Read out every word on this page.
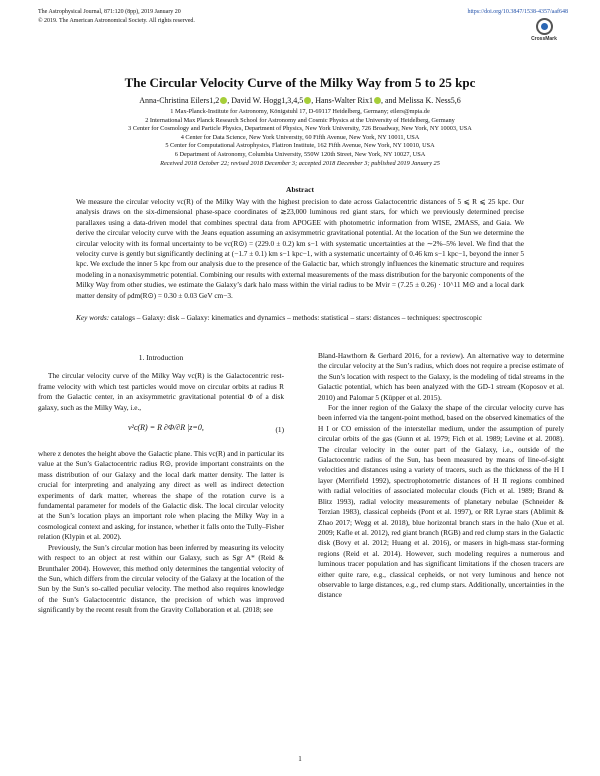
The Astrophysical Journal, 871:120 (8pp), 2019 January 20
© 2019. The American Astronomical Society. All rights reserved.
https://doi.org/10.3847/1538-4357/aaf648
CrossMark
The Circular Velocity Curve of the Milky Way from 5 to 25 kpc
Anna-Christina Eilers1,2 , David W. Hogg1,3,4,5 , Hans-Walter Rix1 , and Melissa K. Ness5,6
1 Max-Planck-Institute for Astronomy, Königstuhl 17, D-69117 Heidelberg, Germany; eilers@mpia.de
2 International Max Planck Research School for Astronomy and Cosmic Physics at the University of Heidelberg, Germany
3 Center for Cosmology and Particle Physics, Department of Physics, New York University, 726 Broadway, New York, NY 10003, USA
4 Center for Data Science, New York University, 60 Fifth Avenue, New York, NY 10011, USA
5 Center for Computational Astrophysics, Flatiron Institute, 162 Fifth Avenue, New York, NY 10010, USA
6 Department of Astronomy, Columbia University, 550W 120th Street, New York, NY 10027, USA
Received 2018 October 22; revised 2018 December 3; accepted 2018 December 3; published 2019 January 25
Abstract
We measure the circular velocity vc(R) of the Milky Way with the highest precision to date across Galactocentric distances of 5 ⩽ R ⩽ 25 kpc. Our analysis draws on the six-dimensional phase-space coordinates of ≳23,000 luminous red giant stars, for which we previously determined precise parallaxes using a data-driven model that combines spectral data from APOGEE with photometric information from WISE, 2MASS, and Gaia. We derive the circular velocity curve with the Jeans equation assuming an axisymmetric gravitational potential. At the location of the Sun we determine the circular velocity with its formal uncertainty to be vc(R⊙) = (229.0 ± 0.2) km s−1 with systematic uncertainties at the ∼2%–5% level. We find that the velocity curve is gently but significantly declining at (−1.7 ± 0.1) km s−1 kpc−1, with a systematic uncertainty of 0.46 km s−1 kpc−1, beyond the inner 5 kpc. We exclude the inner 5 kpc from our analysis due to the presence of the Galactic bar, which strongly influences the kinematic structure and requires modeling in a nonaxisymmetric potential. Combining our results with external measurements of the mass distribution for the baryonic components of the Milky Way from other studies, we estimate the Galaxy’s dark halo mass within the virial radius to be Mvir = (7.25 ± 0.26) · 10^11 M⊙ and a local dark matter density of ρdm(R⊙) = 0.30 ± 0.03 GeV cm−3.
Key words: catalogs – Galaxy: disk – Galaxy: kinematics and dynamics – methods: statistical – stars: distances – techniques: spectroscopic
1. Introduction

The circular velocity curve of the Milky Way vc(R) is the Galactocentric rest-frame velocity with which test particles would move on circular orbits at radius R from the Galactic center, in an axisymmetric gravitational potential Φ of a disk galaxy, such as the Milky Way, i.e.,

v²c(R) = R ∂Φ/∂R |z=0,	(1)

where z denotes the height above the Galactic plane. This vc(R) and in particular its value at the Sun’s Galactocentric radius R⊙, provide important constraints on the mass distribution of our Galaxy and the local dark matter density. The latter is crucial for interpreting and analyzing any direct as well as indirect detection experiments of dark matter, whereas the shape of the rotation curve is a fundamental parameter for models of the Galactic disk. The local circular velocity at the Sun’s location plays an important role when placing the Milky Way in a cosmological context and asking, for instance, whether it falls onto the Tully–Fisher relation (Klypin et al. 2002).

Previously, the Sun’s circular motion has been inferred by measuring its velocity with respect to an object at rest within our Galaxy, such as Sgr A* (Reid & Brunthaler 2004). However, this method only determines the tangential velocity of the Sun, which differs from the circular velocity of the Galaxy at the location of the Sun by the Sun’s so-called peculiar velocity. The method also requires knowledge of the Sun’s Galactocentric distance, the precision of which was improved significantly by the recent result from the Gravity Collaboration et al. (2018; see

Bland-Hawthorn & Gerhard 2016, for a review). An alternative way to determine the circular velocity at the Sun’s radius, which does not require a precise estimate of the Sun’s location with respect to the Galaxy, is the modeling of tidal streams in the Galactic potential, which has been analyzed with the GD-1 stream (Koposov et al. 2010) and Palomar 5 (Küpper et al. 2015).

For the inner region of the Galaxy the shape of the circular velocity curve has been inferred via the tangent-point method, based on the observed kinematics of the H I or CO emission of the interstellar medium, under the assumption of purely circular orbits of the gas (Gunn et al. 1979; Fich et al. 1989; Levine et al. 2008). The circular velocity in the outer part of the Galaxy, i.e., outside of the Galactocentric radius of the Sun, has been measured by means of line-of-sight velocities and distances using a variety of tracers, such as the thickness of the H I layer (Merrifield 1992), spectrophotometric distances of H II regions combined with radial velocities of associated molecular clouds (Fich et al. 1989; Brand & Blitz 1993), radial velocity measurements of planetary nebulae (Schneider & Terzian 1983), classical cepheids (Pont et al. 1997), or RR Lyrae stars (Ablimit & Zhao 2017; Wegg et al. 2018), blue horizontal branch stars in the halo (Xue et al. 2009; Kafle et al. 2012), red giant branch (RGB) and red clump stars in the Galactic disk (Bovy et al. 2012; Huang et al. 2016), or masers in high-mass star-forming regions (Reid et al. 2014). However, such modeling requires a numerous and luminous tracer population and has significant limitations if the chosen tracers are either quite rare, e.g., classical cepheids, or not very luminous and hence not observable to large distances, e.g., red clump stars. Additionally, uncertainties in the distance

1
